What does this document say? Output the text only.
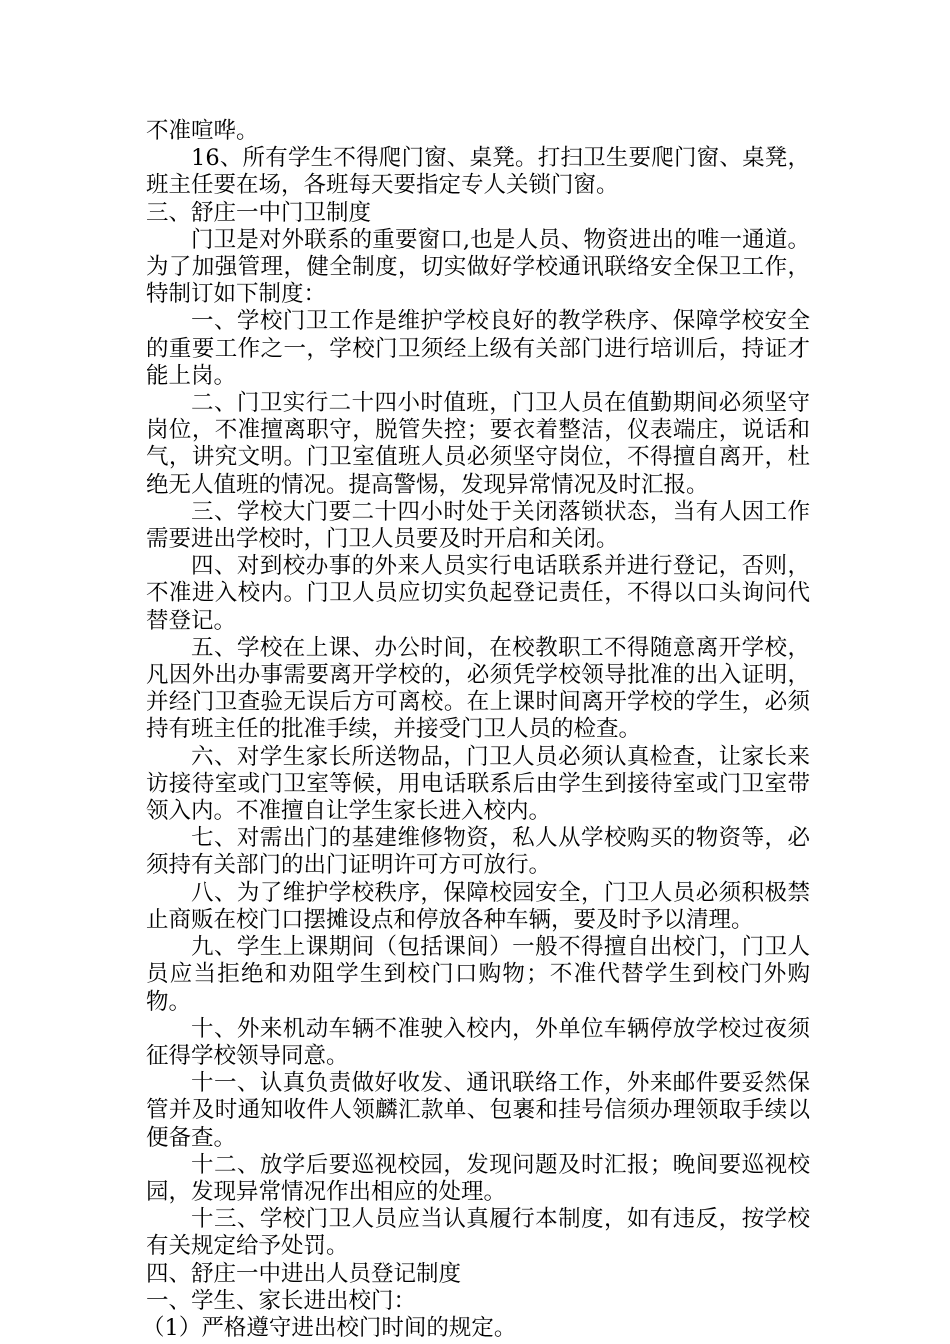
不准喧哗。

16、所有学生不得爬门窗、桌凳。打扫卫生要爬门窗、桌凳，班主任要在场，各班每天要指定专人关锁门窗。

三、舒庄一中门卫制度

门卫是对外联系的重要窗口,也是人员、物资进出的唯一通道。为了加强管理，健全制度，切实做好学校通讯联络安全保卫工作，特制订如下制度：

一、学校门卫工作是维护学校良好的教学秩序、保障学校安全的重要工作之一，学校门卫须经上级有关部门进行培训后，持证才能上岗。

二、门卫实行二十四小时值班，门卫人员在值勤期间必须坚守岗位，不准擅离职守，脱管失控；要衣着整洁，仪表端庄，说话和气，讲究文明。门卫室值班人员必须坚守岗位，不得擅自离开，杜绝无人值班的情况。提高警惕，发现异常情况及时汇报。

三、学校大门要二十四小时处于关闭落锁状态，当有人因工作需要进出学校时，门卫人员要及时开启和关闭。

四、对到校办事的外来人员实行电话联系并进行登记，否则，不准进入校内。门卫人员应切实负起登记责任，不得以口头询问代替登记。

五、学校在上课、办公时间，在校教职工不得随意离开学校，凡因外出办事需要离开学校的，必须凭学校领导批准的出入证明，并经门卫查验无误后方可离校。在上课时间离开学校的学生，必须持有班主任的批准手续，并接受门卫人员的检查。

六、对学生家长所送物品，门卫人员必须认真检查，让家长来访接待室或门卫室等候，用电话联系后由学生到接待室或门卫室带领入内。不准擅自让学生家长进入校内。

七、对需出门的基建维修物资，私人从学校购买的物资等，必须持有关部门的出门证明许可方可放行。

八、为了维护学校秩序，保障校园安全，门卫人员必须积极禁止商贩在校门口摆摊设点和停放各种车辆，要及时予以清理。

九、学生上课期间（包括课间）一般不得擅自出校门，门卫人员应当拒绝和劝阻学生到校门口购物；不准代替学生到校门外购物。

十、外来机动车辆不准驶入校内，外单位车辆停放学校过夜须征得学校领导同意。

十一、认真负责做好收发、通讯联络工作，外来邮件要妥然保管并及时通知收件人领麟汇款单、包裹和挂号信须办理领取手续以便备查。

十二、放学后要巡视校园，发现问题及时汇报；晚间要巡视校园，发现异常情况作出相应的处理。

十三、学校门卫人员应当认真履行本制度，如有违反，按学校有关规定给予处罚。

四、舒庄一中进出人员登记制度

一、学生、家长进出校门：

（1）严格遵守进出校门时间的规定。
